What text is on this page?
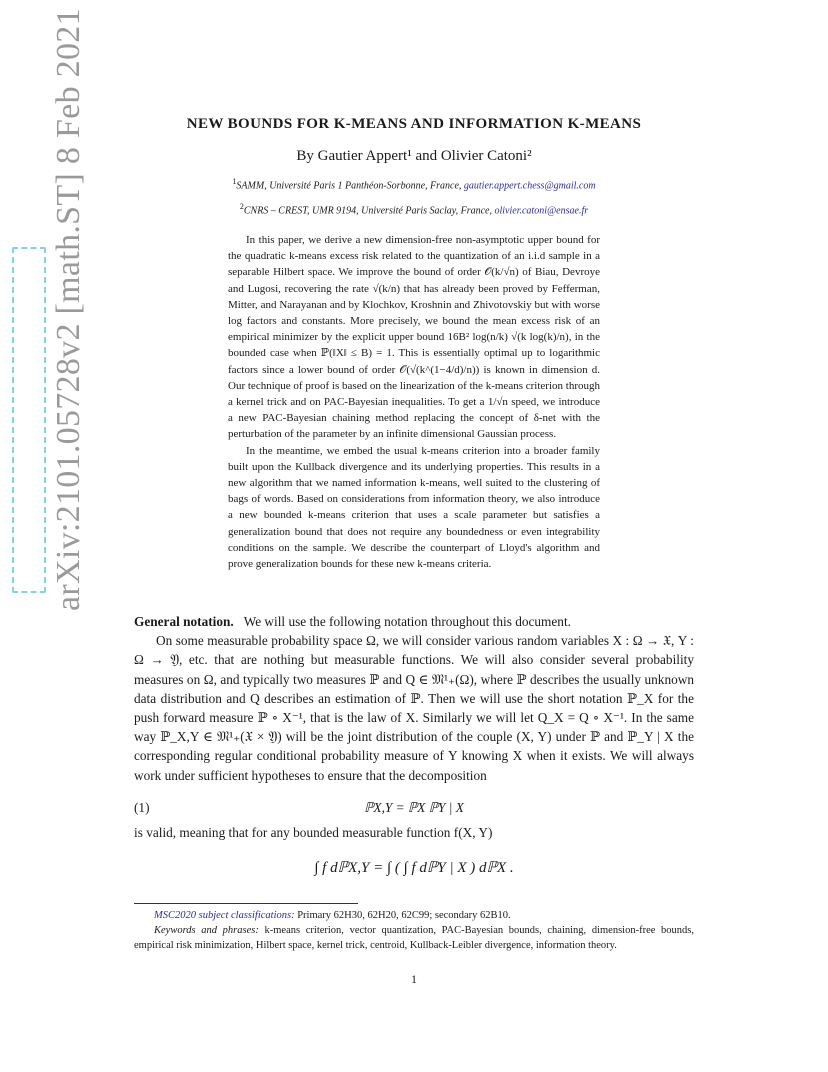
arXiv:2101.05728v2 [math.ST] 8 Feb 2021	NEW BOUNDS FOR K-MEANS AND INFORMATION K-MEANS
By Gautier Appert¹ and Olivier Catoni²
$^1$SAMM, Université Paris 1 Panthéon-Sorbonne, France, gautier.appert.chess@gmail.com
$^2$CNRS – CREST, UMR 9194, Université Paris Saclay, France, olivier.catoni@ensae.fr

In this paper, we derive a new dimension-free non-asymptotic upper bound for the quadratic k-means excess risk related to the quantization of an i.i.d sample in a separable Hilbert space. We improve the bound of order 𝒪(k/√n) of Biau, Devroye and Lugosi, recovering the rate √(k/n) that has already been proved by Fefferman, Mitter, and Narayanan and by Klochkov, Kroshnin and Zhivotovskiy but with worse log factors and constants. More precisely, we bound the mean excess risk of an empirical minimizer by the explicit upper bound 16B² log(n/k) √(k log(k)/n), in the bounded case when ℙ(‖X‖ ≤ B) = 1. This is essentially optimal up to logarithmic factors since a lower bound of order 𝒪(√(k^(1−4/d)/n)) is known in dimension d. Our technique of proof is based on the linearization of the k-means criterion through a kernel trick and on PAC-Bayesian inequalities. To get a 1/√n speed, we introduce a new PAC-Bayesian chaining method replacing the concept of δ-net with the perturbation of the parameter by an infinite dimensional Gaussian process.

In the meantime, we embed the usual k-means criterion into a broader family built upon the Kullback divergence and its underlying properties. This results in a new algorithm that we named information k-means, well suited to the clustering of bags of words. Based on considerations from information theory, we also introduce a new bounded k-means criterion that uses a scale parameter but satisfies a generalization bound that does not require any boundedness or even integrability conditions on the sample. We describe the counterpart of Lloyd's algorithm and prove generalization bounds for these new k-means criteria.

General notation. We will use the following notation throughout this document.

On some measurable probability space Ω, we will consider various random variables X : Ω → 𝔛, Y : Ω → 𝔜, etc. that are nothing but measurable functions. We will also consider several probability measures on Ω, and typically two measures ℙ and Q ∈ 𝔐¹₊(Ω), where ℙ describes the usually unknown data distribution and Q describes an estimation of ℙ. Then we will use the short notation ℙ_X for the push forward measure ℙ ∘ X⁻¹, that is the law of X. Similarly we will let Q_X = Q ∘ X⁻¹. In the same way ℙ_X,Y ∈ 𝔐¹₊(𝔛 × 𝔜) will be the joint distribution of the couple (X, Y) under ℙ and ℙ_Y | X the corresponding regular conditional probability measure of Y knowing X when it exists. We will always work under sufficient hypotheses to ensure that the decomposition

(1)	ℙX,Y = ℙX ℙY | X

is valid, meaning that for any bounded measurable function f(X, Y)

∫ f dℙX,Y = ∫ ( ∫ f dℙY | X ) dℙX .

MSC2020 subject classifications: Primary 62H30, 62H20, 62C99; secondary 62B10.

Keywords and phrases: k-means criterion, vector quantization, PAC-Bayesian bounds, chaining, dimension-free bounds, empirical risk minimization, Hilbert space, kernel trick, centroid, Kullback-Leibler divergence, information theory.

1
